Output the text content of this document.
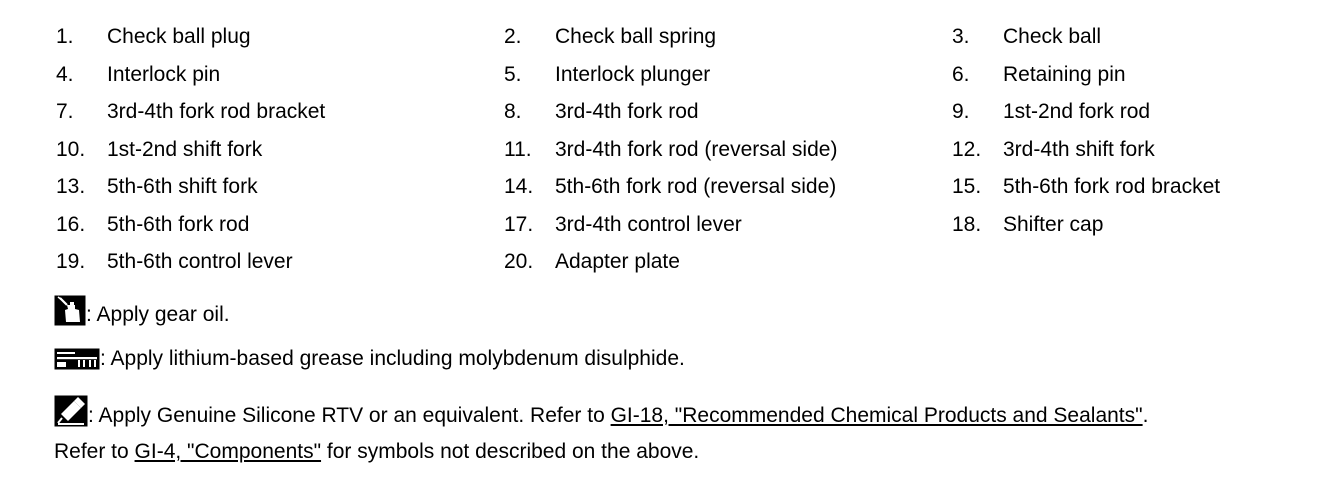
1. Check ball plug	2. Check ball spring	3. Check ball
4. Interlock pin	5. Interlock plunger	6. Retaining pin
7. 3rd-4th fork rod bracket	8. 3rd-4th fork rod	9. 1st-2nd fork rod
10. 1st-2nd shift fork	11. 3rd-4th fork rod (reversal side)	12. 3rd-4th shift fork
13. 5th-6th shift fork	14. 5th-6th fork rod (reversal side)	15. 5th-6th fork rod bracket
16. 5th-6th fork rod	17. 3rd-4th control lever	18. Shifter cap
19. 5th-6th control lever	20. Adapter plate
: Apply gear oil.
: Apply lithium-based grease including molybdenum disulphide.
: Apply Genuine Silicone RTV or an equivalent. Refer to GI-18, "Recommended Chemical Products and Sealants".
Refer to GI-4, "Components" for symbols not described on the above.
